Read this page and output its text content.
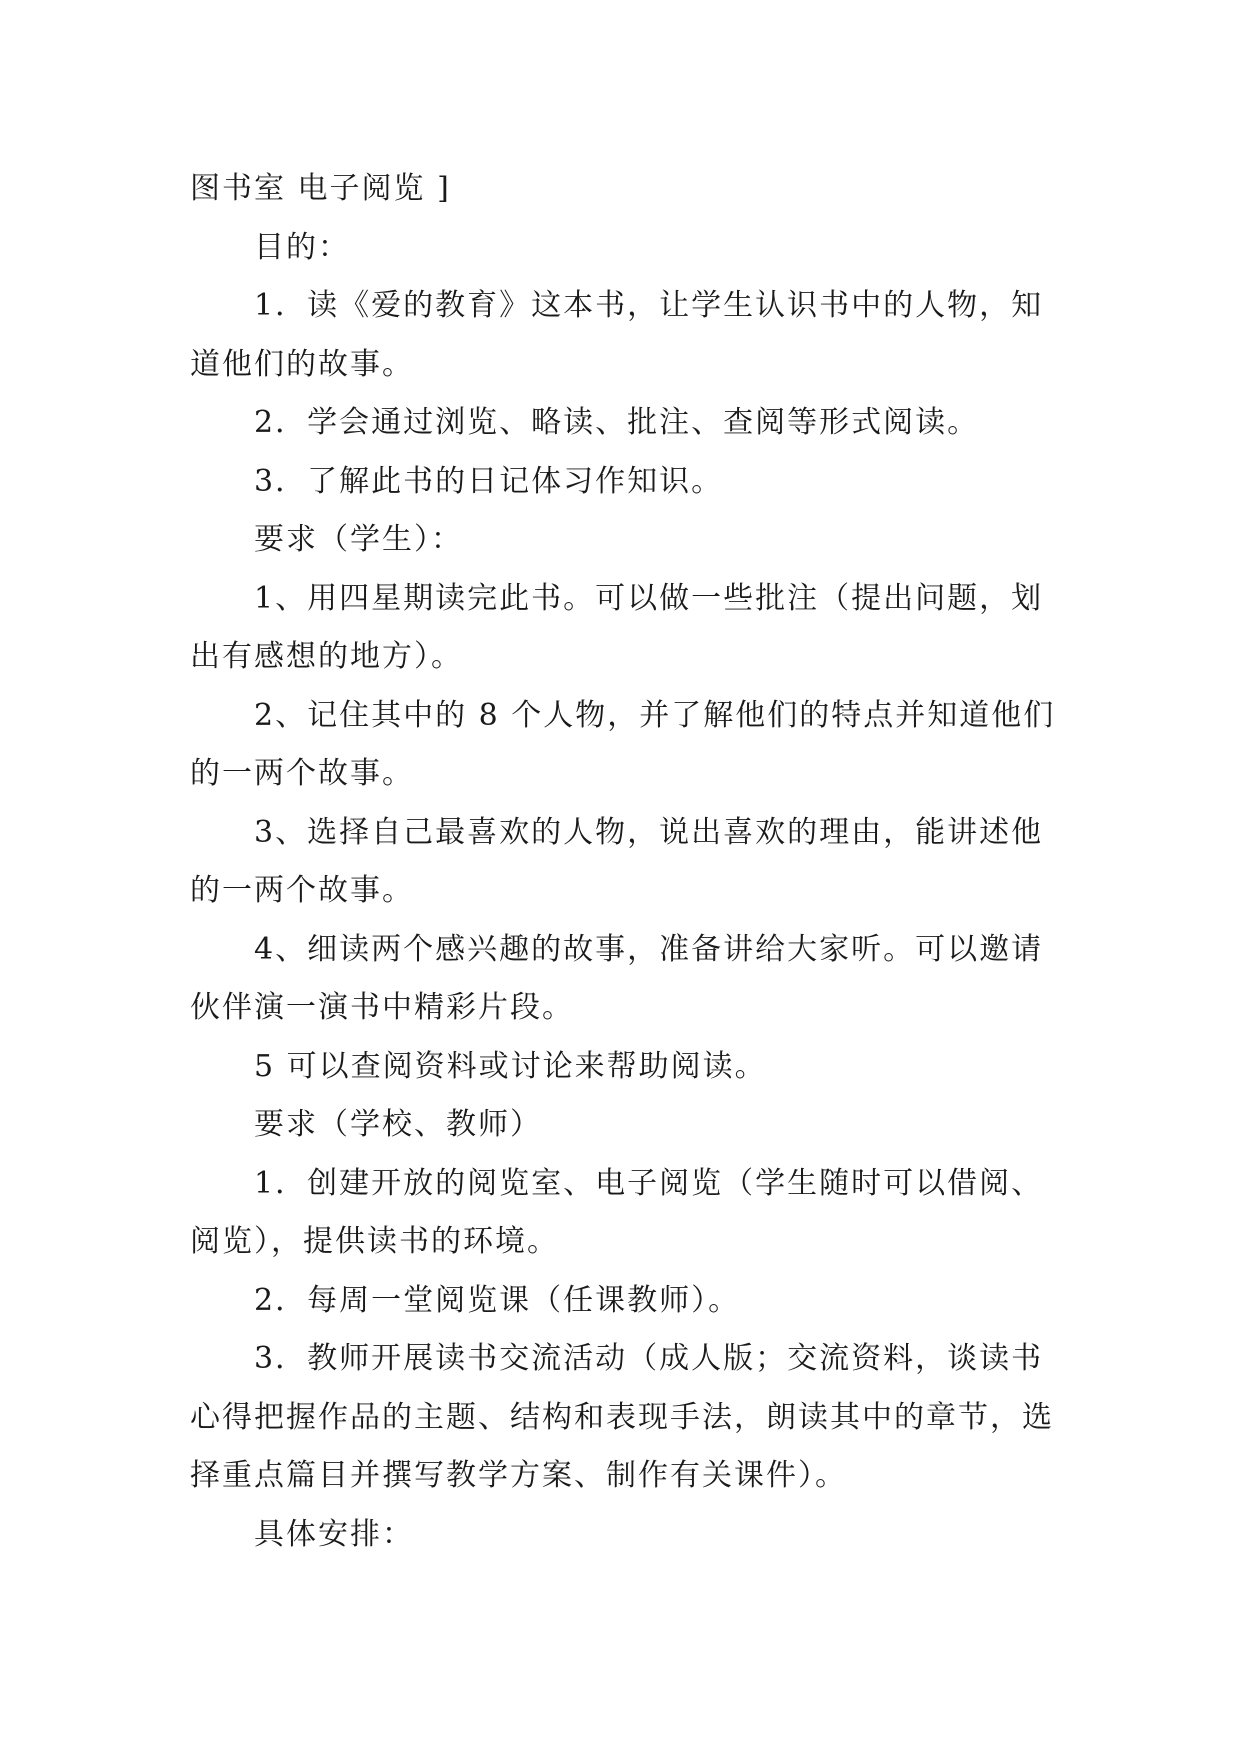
图书室 电子阅览 ]

目的：

1．读《爱的教育》这本书，让学生认识书中的人物，知道他们的故事。

2．学会通过浏览、略读、批注、查阅等形式阅读。

3．了解此书的日记体习作知识。

要求（学生）：

1、用四星期读完此书。可以做一些批注（提出问题，划出有感想的地方）。

2、记住其中的 8 个人物，并了解他们的特点并知道他们的一两个故事。

3、选择自己最喜欢的人物，说出喜欢的理由，能讲述他的一两个故事。

4、细读两个感兴趣的故事，准备讲给大家听。可以邀请伙伴演一演书中精彩片段。

5 可以查阅资料或讨论来帮助阅读。

要求（学校、教师）

1．创建开放的阅览室、电子阅览（学生随时可以借阅、阅览），提供读书的环境。

2．每周一堂阅览课（任课教师）。

3．教师开展读书交流活动（成人版；交流资料，谈读书心得把握作品的主题、结构和表现手法，朗读其中的章节，选择重点篇目并撰写教学方案、制作有关课件）。

具体安排：
